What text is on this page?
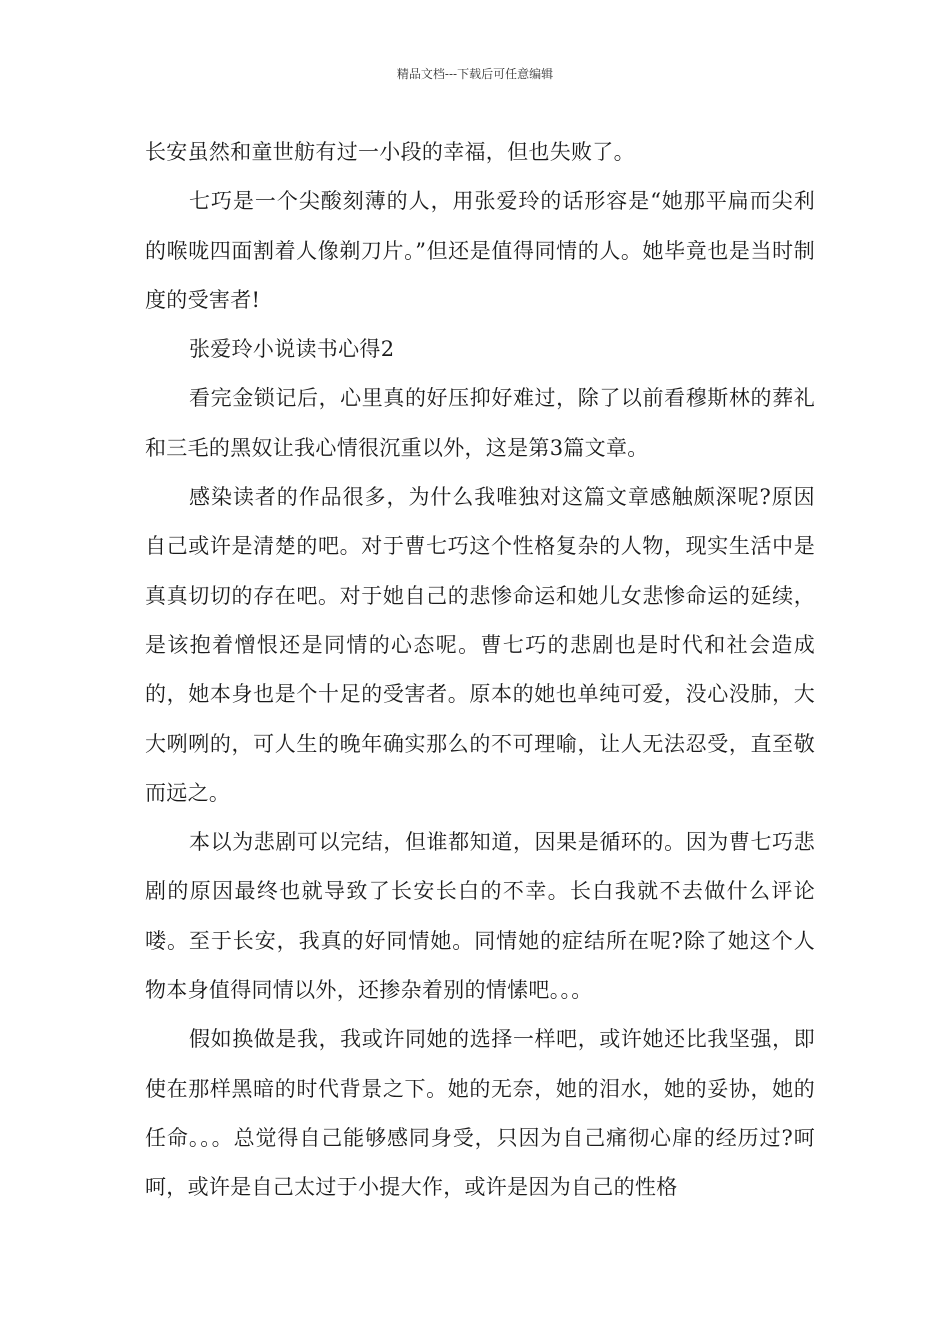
精品文档---下载后可任意编辑

长安虽然和童世舫有过一小段的幸福，但也失败了。

七巧是一个尖酸刻薄的人，用张爱玲的话形容是“她那平扁而尖利的喉咙四面割着人像剃刀片。”但还是值得同情的人。她毕竟也是当时制度的受害者!

张爱玲小说读书心得2

看完金锁记后，心里真的好压抑好难过，除了以前看穆斯林的葬礼和三毛的黑奴让我心情很沉重以外，这是第3篇文章。

感染读者的作品很多，为什么我唯独对这篇文章感触颇深呢?原因自己或许是清楚的吧。对于曹七巧这个性格复杂的人物，现实生活中是真真切切的存在吧。对于她自己的悲惨命运和她儿女悲惨命运的延续，是该抱着憎恨还是同情的心态呢。曹七巧的悲剧也是时代和社会造成的，她本身也是个十足的受害者。原本的她也单纯可爱，没心没肺，大大咧咧的，可人生的晚年确实那么的不可理喻，让人无法忍受，直至敬而远之。

本以为悲剧可以完结，但谁都知道，因果是循环的。因为曹七巧悲剧的原因最终也就导致了长安长白的不幸。长白我就不去做什么评论喽。至于长安，我真的好同情她。同情她的症结所在呢?除了她这个人物本身值得同情以外，还掺杂着别的情愫吧。。。

假如换做是我，我或许同她的选择一样吧，或许她还比我坚强，即使在那样黑暗的时代背景之下。她的无奈，她的泪水，她的妥协，她的任命。。。总觉得自己能够感同身受，只因为自己痛彻心扉的经历过?呵呵，或许是自己太过于小提大作，或许是因为自己的性格
